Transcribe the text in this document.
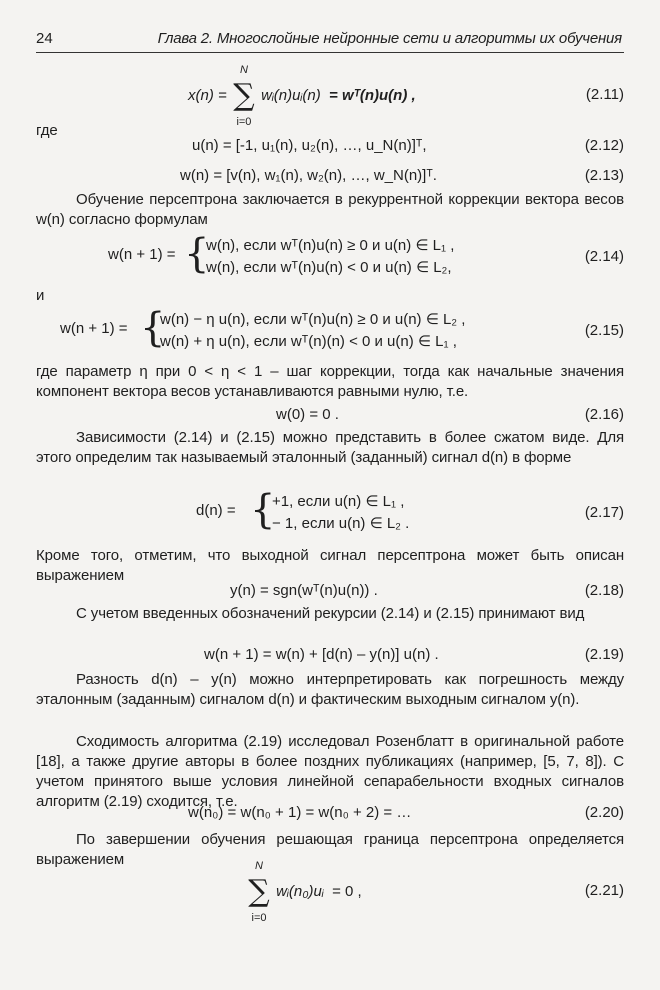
24	Глава 2. Многослойные нейронные сети и алгоритмы их обучения
x(n) =
N
∑
i=0
wᵢ(n)uᵢ(n) = wᵀ(n)u(n) ,	(2.11)
где
u(n) = [-1, u₁(n), u₂(n), …, u_N(n)]ᵀ,	(2.12)
w(n) = [v(n), w₁(n), w₂(n), …, w_N(n)]ᵀ.	(2.13)
Обучение персептрона заключается в рекуррентной коррекции вектора весов w(n) согласно формулам
w(n + 1) = {
w(n), если wᵀ(n)u(n) ≥ 0 и u(n) ∈ L₁ ,
w(n), если wᵀ(n)u(n) < 0 и u(n) ∈ L₂,
(2.14)
и
w(n + 1) = {
w(n) − η u(n), если wᵀ(n)u(n) ≥ 0 и u(n) ∈ L₂ ,
w(n) + η u(n), если wᵀ(n)(n) < 0 и u(n) ∈ L₁ ,
(2.15)
где параметр η при 0 < η < 1 – шаг коррекции, тогда как начальные значения компонент вектора весов устанавливаются равными нулю, т.е.
w(0) = 0 .	(2.16)
Зависимости (2.14) и (2.15) можно представить в более сжатом виде. Для этого определим так называемый эталонный (заданный) сигнал d(n) в форме
d(n) = {
+1, если u(n) ∈ L₁ ,
− 1, если u(n) ∈ L₂ .
(2.17)
Кроме того, отметим, что выходной сигнал персептрона может быть описан выражением
y(n) = sgn(wᵀ(n)u(n)) .	(2.18)
С учетом введенных обозначений рекурсии (2.14) и (2.15) принимают вид
w(n + 1) = w(n) + [d(n) – y(n)] u(n) .	(2.19)
Разность d(n) – y(n) можно интерпретировать как погрешность между эталонным (заданным) сигналом d(n) и фактическим выходным сигналом y(n).
Сходимость алгоритма (2.19) исследовал Розенблатт в оригинальной работе [18], а также другие авторы в более поздних публикациях (например, [5, 7, 8]). С учетом принятого выше условия линейной сепарабельности входных сигналов алгоритм (2.19) сходится, т.е.
w(n₀) = w(n₀ + 1) = w(n₀ + 2) = …	(2.20)
По завершении обучения решающая граница персептрона определяется выражением	N
∑
i=0
wᵢ(n₀)uᵢ = 0 ,	(2.21)
